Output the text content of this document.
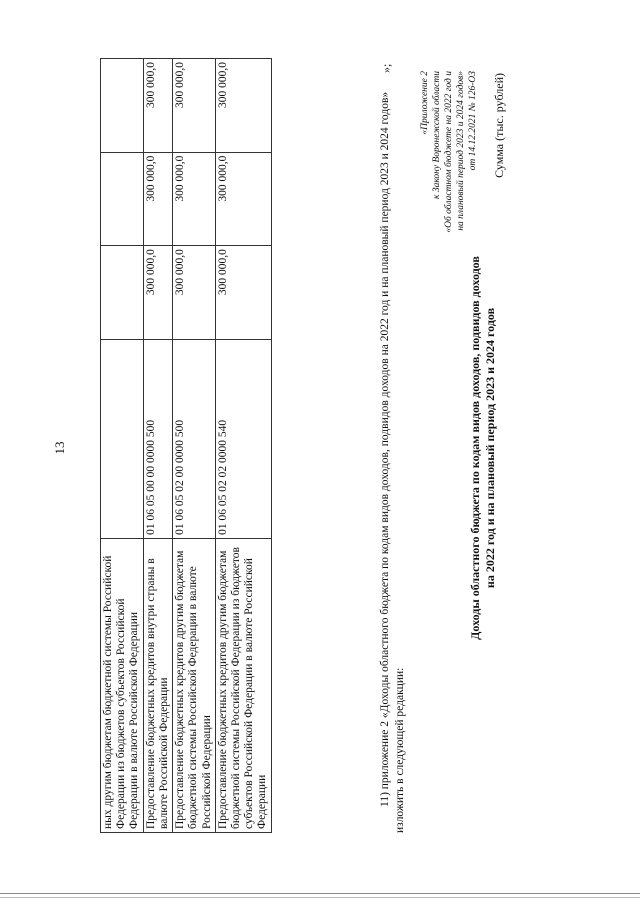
13
ных другим бюджетам бюджетной системы Российской Федерации из бюджетов субъектов Российской Федерации в валюте Российской Федерации				
Предоставление бюджетных кредитов внутри страны в валюте Российской Федерации	01 06 05 00 00 0000 500	300 000,0	300 000,0	300 000,0
Предоставление бюджетных кредитов другим бюджетам бюджетной системы Российской Федерации в валюте Российской Федерации	01 06 05 02 00 0000 500	300 000,0	300 000,0	300 000,0
Предоставление бюджетных кредитов другим бюджетам бюджетной системы Российской Федерации из бюджетов субъектов Российской Федерации в валюте Российской Федерации	01 06 05 02 02 0000 540	300 000,0	300 000,0	300 000,0	»;
11) приложение 2 «Доходы областного бюджета по кодам видов доходов, подвидов доходов на 2022 год и на плановый период 2023 и 2024 годов» изложить в следующей редакции:
«Приложение 2 к Закону Воронежской области «Об областном бюджете на 2022 год и на плановый период 2023 и 2024 годов» от 14.12.2021 № 126-ОЗ
Доходы областного бюджета по кодам видов доходов, подвидов доходов на 2022 год и на плановый период 2023 и 2024 годов
Сумма (тыс. рублей)
